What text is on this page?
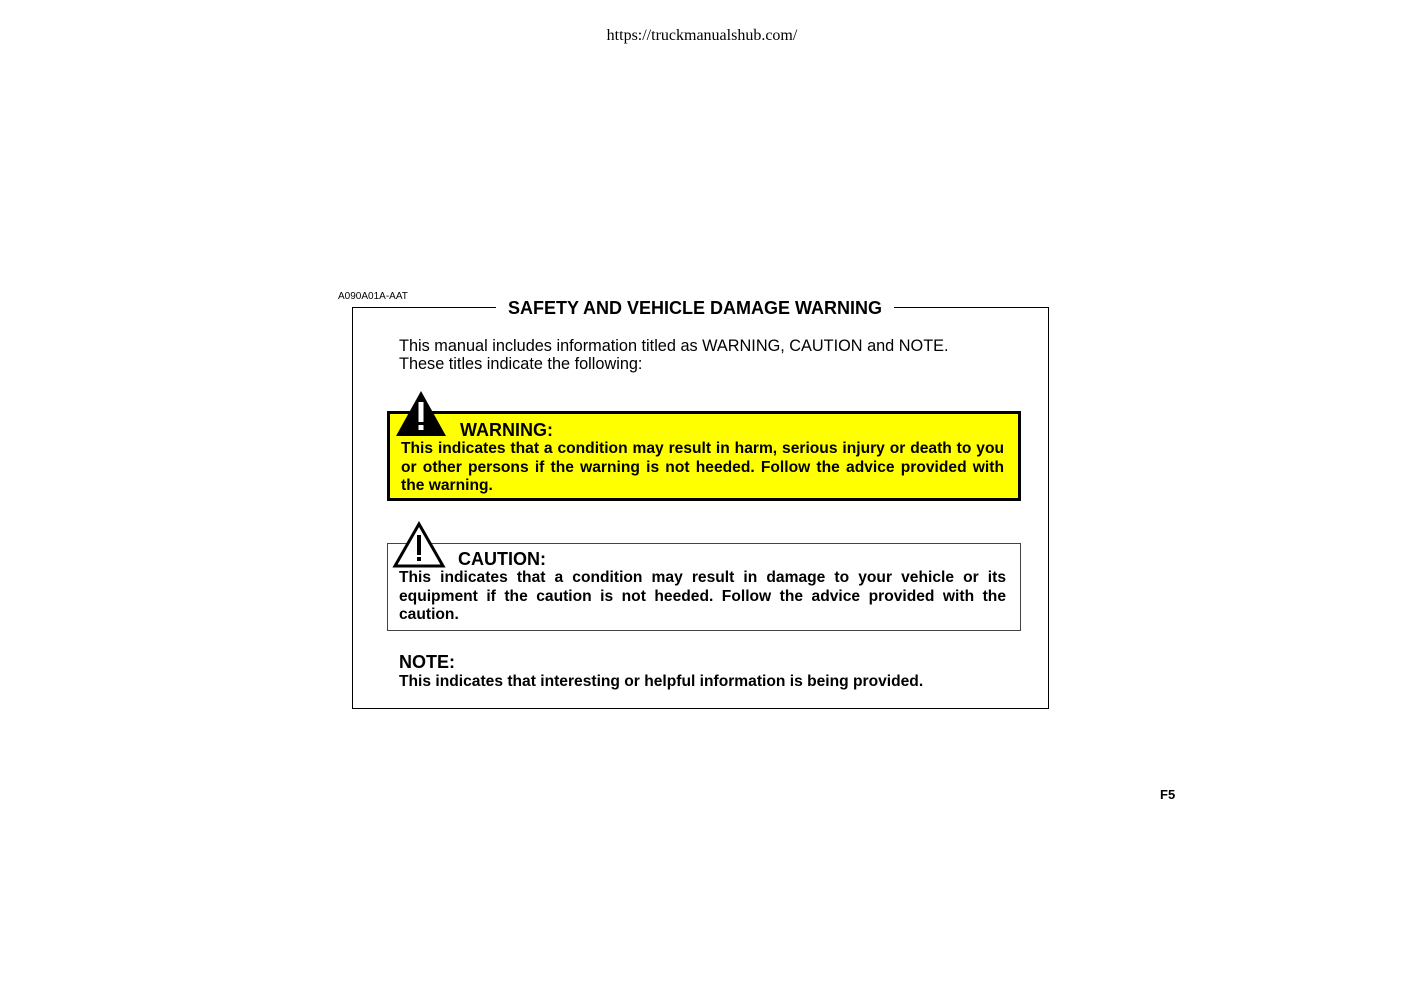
https://truckmanualshub.com/
A090A01A-AAT
SAFETY AND VEHICLE DAMAGE WARNING

This manual includes information titled as WARNING, CAUTION and NOTE.

These titles indicate the following:

WARNING:
This indicates that a condition may result in harm, serious injury or death to you or other persons if the warning is not heeded. Follow the advice provided with the warning.
CAUTION:
This indicates that a condition may result in damage to your vehicle or its equipment if the caution is not heeded. Follow the advice provided with the caution.
NOTE:
This indicates that interesting or helpful information is being provided.
F5
